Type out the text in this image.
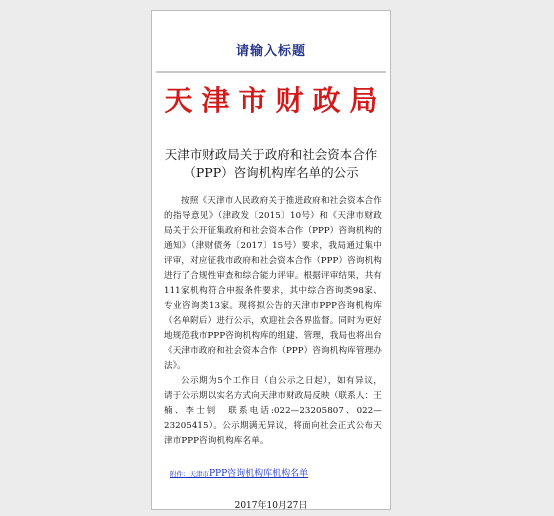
请输入标题
天津市财政局
天津市财政局关于政府和社会资本合作
（PPP）咨询机构库名单的公示

按照《天津市人民政府关于推进政府和社会资本合作的指导意见》（津政发〔2015〕10号）和《天津市财政局关于公开征集政府和社会资本合作（PPP）咨询机构的通知》（津财债务〔2017〕15号）要求，我局通过集中评审，对应征我市政府和社会资本合作（PPP）咨询机构进行了合规性审查和综合能力评审。根据评审结果，共有111家机构符合申报条件要求，其中综合咨询类98家、专业咨询类13家。现将拟公告的天津市PPP咨询机构库（名单附后）进行公示，欢迎社会各界监督。同时为更好地规范我市PPP咨询机构库的组建、管理，我局也将出台《天津市政府和社会资本合作（PPP）咨询机构库管理办法》。

公示期为5个工作日（自公示之日起），如有异议，请于公示期以实名方式向天津市财政局反映（联系人：王楠、李士钊　联系电话:022—23205807、022—23205415）。公示期满无异议，将面向社会正式公布天津市PPP咨询机构库名单。

附件：天津市PPP咨询机构库机构名单
2017年10月27日
